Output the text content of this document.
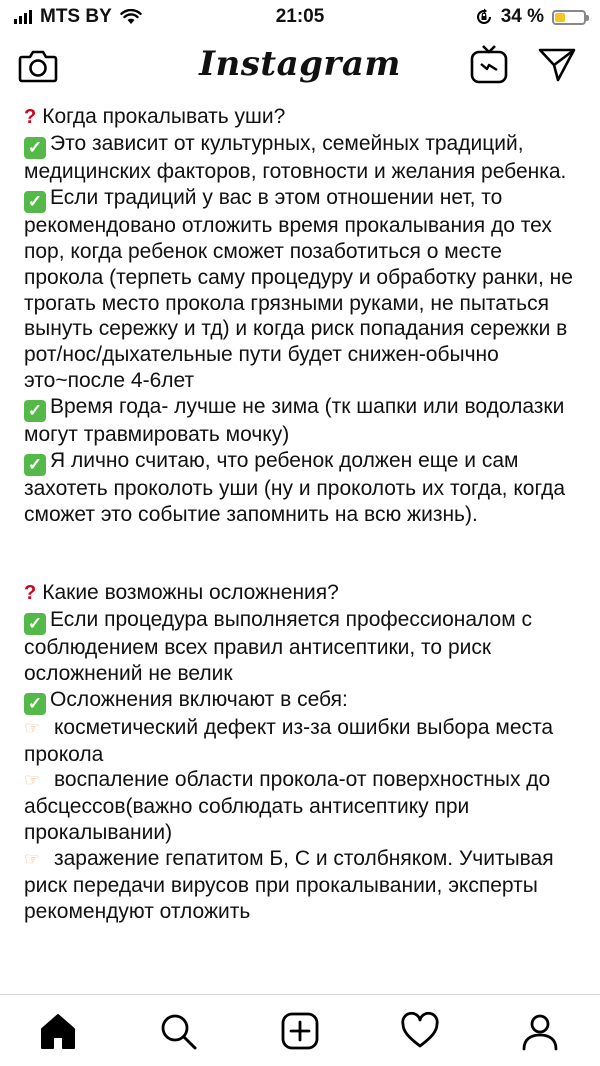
MTS BY	21:05	34 %
Instagram

? Когда прокалывать уши?

✓ Это зависит от культурных, семейных традиций, медицинских факторов, готовности и желания ребенка.

✓ Если традиций у вас в этом отношении нет, то рекомендовано отложить время прокалывания до тех пор, когда ребенок сможет позаботиться о месте прокола (терпеть саму процедуру и обработку ранки, не трогать место прокола грязными руками, не пытаться вынуть сережку и тд) и когда риск попадания сережки в рот/нос/дыхательные пути будет снижен-обычно это~после 4-6лет

✓ Время года- лучше не зима (тк шапки или водолазки могут травмировать мочку)

✓ Я лично считаю, что ребенок должен еще и сам захотеть проколоть уши (ну и проколоть их тогда, когда сможет это событие запомнить на всю жизнь).

? Какие возможны осложнения?

✓ Если процедура выполняется профессионалом с соблюдением всех правил антисептики, то риск осложнений не велик

✓ Осложнения включают в себя:

☞ косметический дефект из-за ошибки выбора места прокола

☞ воспаление области прокола-от поверхностных до абсцессов(важно соблюдать антисептику при прокалывании)

☞ заражение гепатитом Б, С и столбняком. Учитывая риск передачи вирусов при прокалывании, эксперты рекомендуют отложить
